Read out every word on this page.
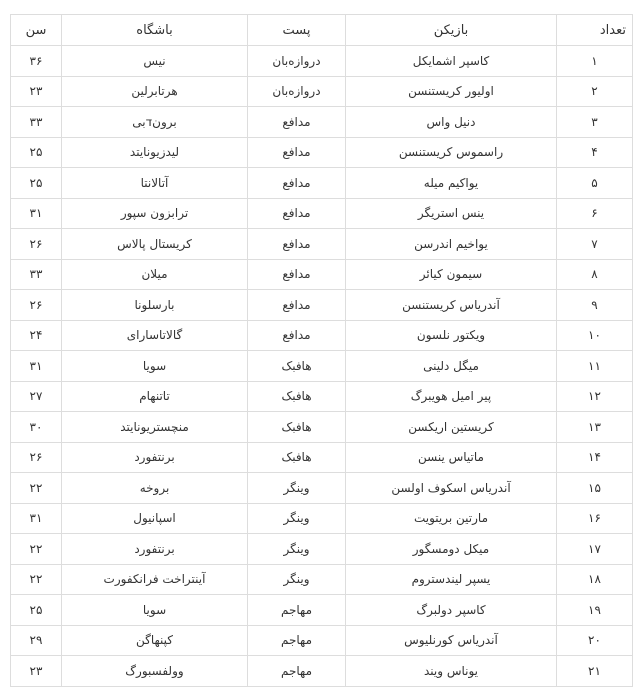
تعداد	بازیکن	پست	باشگاه	سن
۱	کاسپر اشمایکل	دروازه‌بان	نیس	۳۶
۲	اولیور کریستنسن	دروازه‌بان	هرتابرلین	۲۳
۳	دنیل واس	مدافع	برونדبی	۳۳
۴	راسموس کریستنسن	مدافع	لیدزیونایتد	۲۵
۵	یواکیم میله	مدافع	آتالانتا	۲۵
۶	ینس استریگر	مدافع	ترابزون سپور	۳۱
۷	یواخیم اندرسن	مدافع	کریستال پالاس	۲۶
۸	سیمون کیائر	مدافع	میلان	۳۳
۹	آندریاس کریستنسن	مدافع	بارسلونا	۲۶
۱۰	ویکتور نلسون	مدافع	گالاتاسارای	۲۴
۱۱	میگل دلینی	هافبک	سویا	۳۱
۱۲	پیر امیل هویبرگ	هافبک	تاتنهام	۲۷
۱۳	کریستین اریکسن	هافبک	منچستریونایتد	۳۰
۱۴	ماتیاس ینسن	هافبک	برنتفورد	۲۶
۱۵	آندریاس اسکوف اولسن	وینگر	بروخه	۲۲
۱۶	مارتین بریتویت	وینگر	اسپانیول	۳۱
۱۷	میکل دومسگور	وینگر	برنتفورد	۲۲
۱۸	یسپر لیندستروم	وینگر	آینتراخت فرانکفورت	۲۲
۱۹	کاسپر دولبرگ	مهاجم	سویا	۲۵
۲۰	آندریاس کورنلیوس	مهاجم	کپنهاگن	۲۹
۲۱	یوناس ویند	مهاجم	وولفسبورگ	۲۳
